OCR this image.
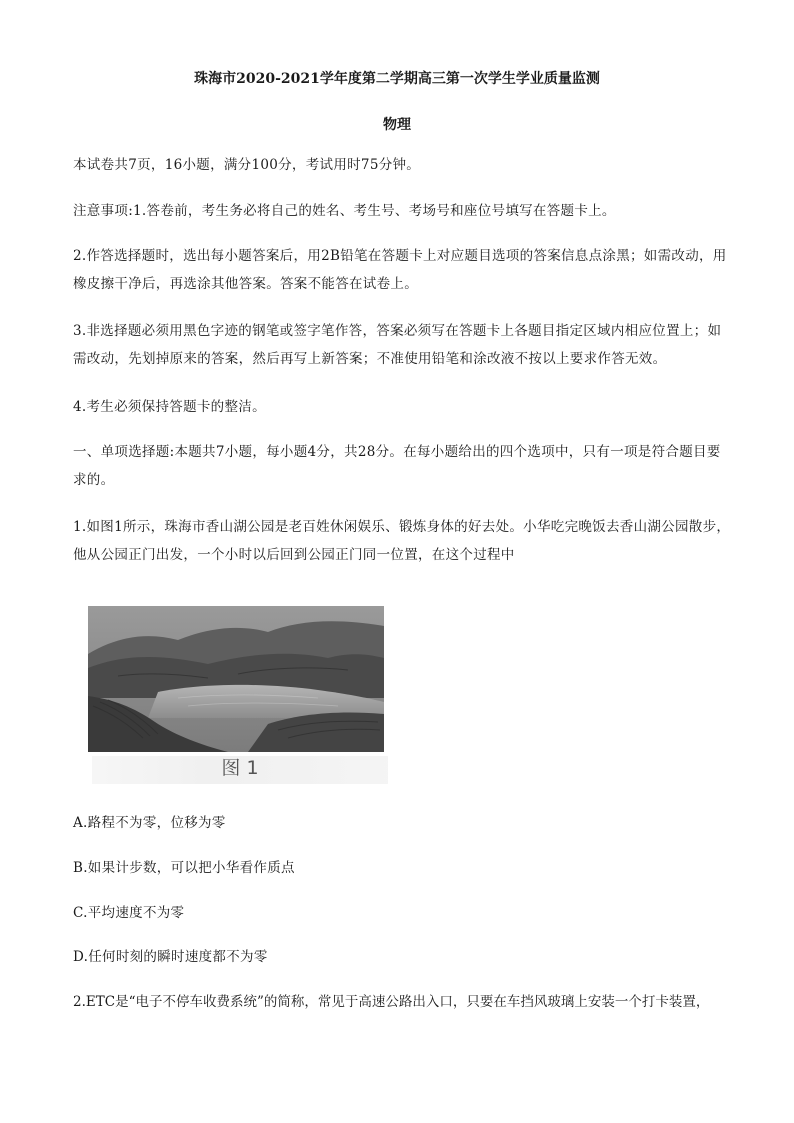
珠海市2020-2021学年度第二学期高三第一次学生学业质量监测
物理
本试卷共7页，16小题，满分100分，考试用时75分钟。
注意事项:1.答卷前，考生务必将自己的姓名、考生号、考场号和座位号填写在答题卡上。
2.作答选择题时，选出每小题答案后，用2B铅笔在答题卡上对应题目选项的答案信息点涂黑；如需改动，用橡皮擦干净后，再选涂其他答案。答案不能答在试卷上。
3.非选择题必须用黑色字迹的钢笔或签字笔作答，答案必须写在答题卡上各题目指定区域内相应位置上；如需改动，先划掉原来的答案，然后再写上新答案；不准使用铅笔和涂改液不按以上要求作答无效。
4.考生必须保持答题卡的整洁。
一、单项选择题:本题共7小题，每小题4分，共28分。在每小题给出的四个选项中，只有一项是符合题目要求的。
1.如图1所示，珠海市香山湖公园是老百姓休闲娱乐、锻炼身体的好去处。小华吃完晚饭去香山湖公园散步，他从公园正门出发，一个小时以后回到公园正门同一位置，在这个过程中
图 1
A.路程不为零，位移为零
B.如果计步数，可以把小华看作质点
C.平均速度不为零
D.任何时刻的瞬时速度都不为零
2.ETC是“电子不停车收费系统”的简称，常见于高速公路出入口，只要在车挡风玻璃上安装一个打卡装置，
